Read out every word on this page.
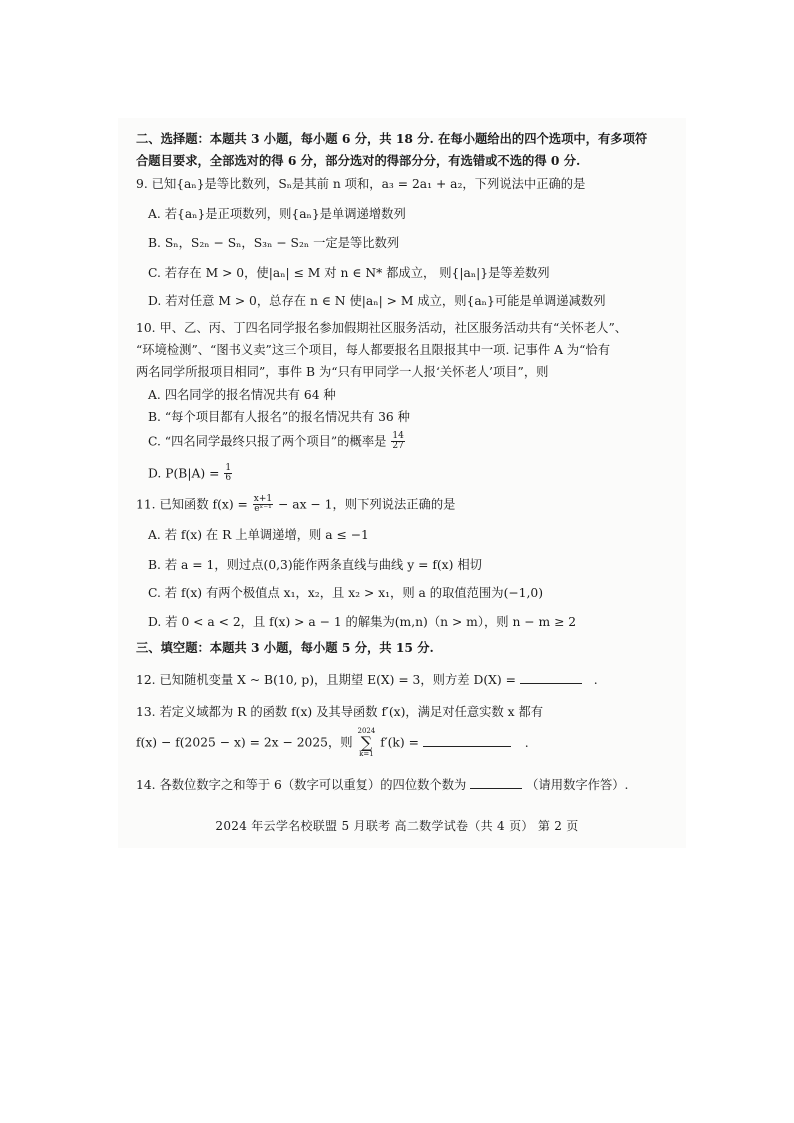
二、选择题：本题共 3 小题，每小题 6 分，共 18 分. 在每小题给出的四个选项中，有多项符
合题目要求，全部选对的得 6 分，部分选对的得部分分，有选错或不选的得 0 分.
9. 已知{aₙ}是等比数列，Sₙ是其前 n 项和，a₃ = 2a₁ + a₂，下列说法中正确的是
A. 若{aₙ}是正项数列，则{aₙ}是单调递增数列
B. Sₙ，S₂ₙ − Sₙ，S₃ₙ − S₂ₙ 一定是等比数列
C. 若存在 M > 0，使|aₙ| ≤ M 对 n ∈ N* 都成立， 则{|aₙ|}是等差数列
D. 若对任意 M > 0，总存在 n ∈ N 使|aₙ| > M 成立，则{aₙ}可能是单调递减数列
10. 甲、乙、丙、丁四名同学报名参加假期社区服务活动，社区服务活动共有“关怀老人”、
“环境检测”、“图书义卖”这三个项目，每人都要报名且限报其中一项. 记事件 A 为“恰有
两名同学所报项目相同”，事件 B 为“只有甲同学一人报‘关怀老人’项目”，则
A. 四名同学的报名情况共有 64 种
B. “每个项目都有人报名”的报名情况共有 36 种
C. “四名同学最终只报了两个项目”的概率是 $\frac{14}{27}$
D. $P(B|A) = \frac{1}{6}$
11. 已知函数 $f(x) = \frac{x+1}{\text{eˣ⁻¹}}$ − ax − 1，则下列说法正确的是
A. 若 f(x) 在 R 上单调递增，则 a ≤ −1
B. 若 a = 1，则过点(0,3)能作两条直线与曲线 y = f(x) 相切
C. 若 f(x) 有两个极值点 x₁，x₂，且 x₂ > x₁，则 a 的取值范围为(−1,0)
D. 若 0 < a < 2，且 f(x) > a − 1 的解集为(m,n)（n > m），则 n − m ≥ 2
三、填空题：本题共 3 小题，每小题 5 分，共 15 分.
12. 已知随机变量 X ~ B(10, p)，且期望 E(X) = 3，则方差 D(X) =	.
13. 若定义域都为 R 的函数 f(x) 及其导函数 f′(x)，满足对任意实数 x 都有
f(x) − f(2025 − x) = 2x − 2025，则 2024
∑
k=1 f′(k) =	.
14. 各数位数字之和等于 6（数字可以重复）的四位数个数为	（请用数字作答）.
2024 年云学名校联盟 5 月联考 高二数学试卷（共 4 页） 第 2 页
